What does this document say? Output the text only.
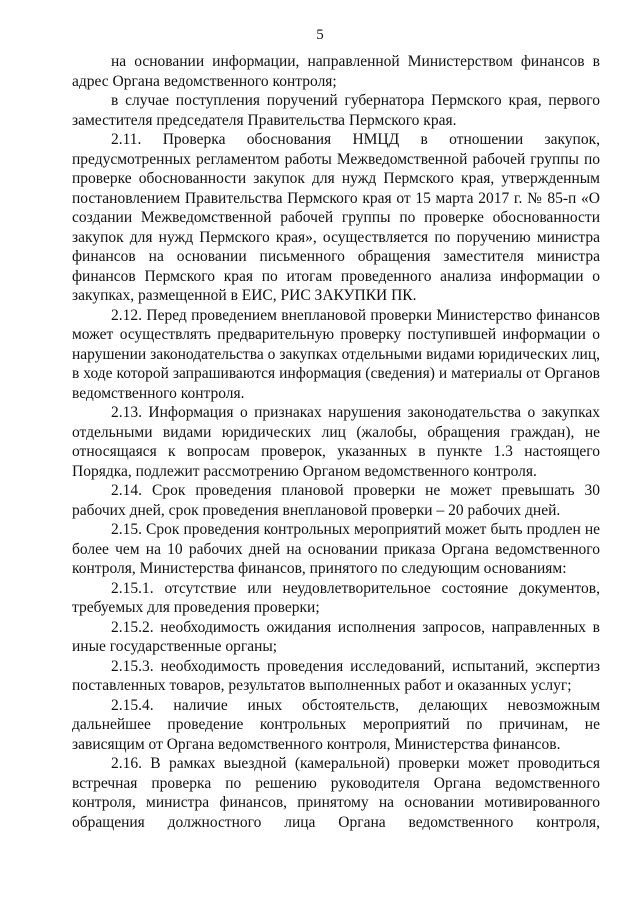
5

на основании информации, направленной Министерством финансов в адрес Органа ведомственного контроля;

в случае поступления поручений губернатора Пермского края, первого заместителя председателя Правительства Пермского края.

2.11. Проверка обоснования НМЦД в отношении закупок, предусмотренных регламентом работы Межведомственной рабочей группы по проверке обоснованности закупок для нужд Пермского края, утвержденным постановлением Правительства Пермского края от 15 марта 2017 г. № 85-п «О создании Межведомственной рабочей группы по проверке обоснованности закупок для нужд Пермского края», осуществляется по поручению министра финансов на основании письменного обращения заместителя министра финансов Пермского края по итогам проведенного анализа информации о закупках, размещенной в ЕИС, РИС ЗАКУПКИ ПК.

2.12. Перед проведением внеплановой проверки Министерство финансов может осуществлять предварительную проверку поступившей информации о нарушении законодательства о закупках отдельными видами юридических лиц, в ходе которой запрашиваются информация (сведения) и материалы от Органов ведомственного контроля.

2.13. Информация о признаках нарушения законодательства о закупках отдельными видами юридических лиц (жалобы, обращения граждан), не относящаяся к вопросам проверок, указанных в пункте 1.3 настоящего Порядка, подлежит рассмотрению Органом ведомственного контроля.

2.14. Срок проведения плановой проверки не может превышать 30 рабочих дней, срок проведения внеплановой проверки – 20 рабочих дней.

2.15. Срок проведения контрольных мероприятий может быть продлен не более чем на 10 рабочих дней на основании приказа Органа ведомственного контроля, Министерства финансов, принятого по следующим основаниям:

2.15.1. отсутствие или неудовлетворительное состояние документов, требуемых для проведения проверки;

2.15.2. необходимость ожидания исполнения запросов, направленных в иные государственные органы;

2.15.3. необходимость проведения исследований, испытаний, экспертиз поставленных товаров, результатов выполненных работ и оказанных услуг;

2.15.4. наличие иных обстоятельств, делающих невозможным дальнейшее проведение контрольных мероприятий по причинам, не зависящим от Органа ведомственного контроля, Министерства финансов.

2.16. В рамках выездной (камеральной) проверки может проводиться встречная проверка по решению руководителя Органа ведомственного контроля, министра финансов, принятому на основании мотивированного обращения должностного лица Органа ведомственного контроля,
